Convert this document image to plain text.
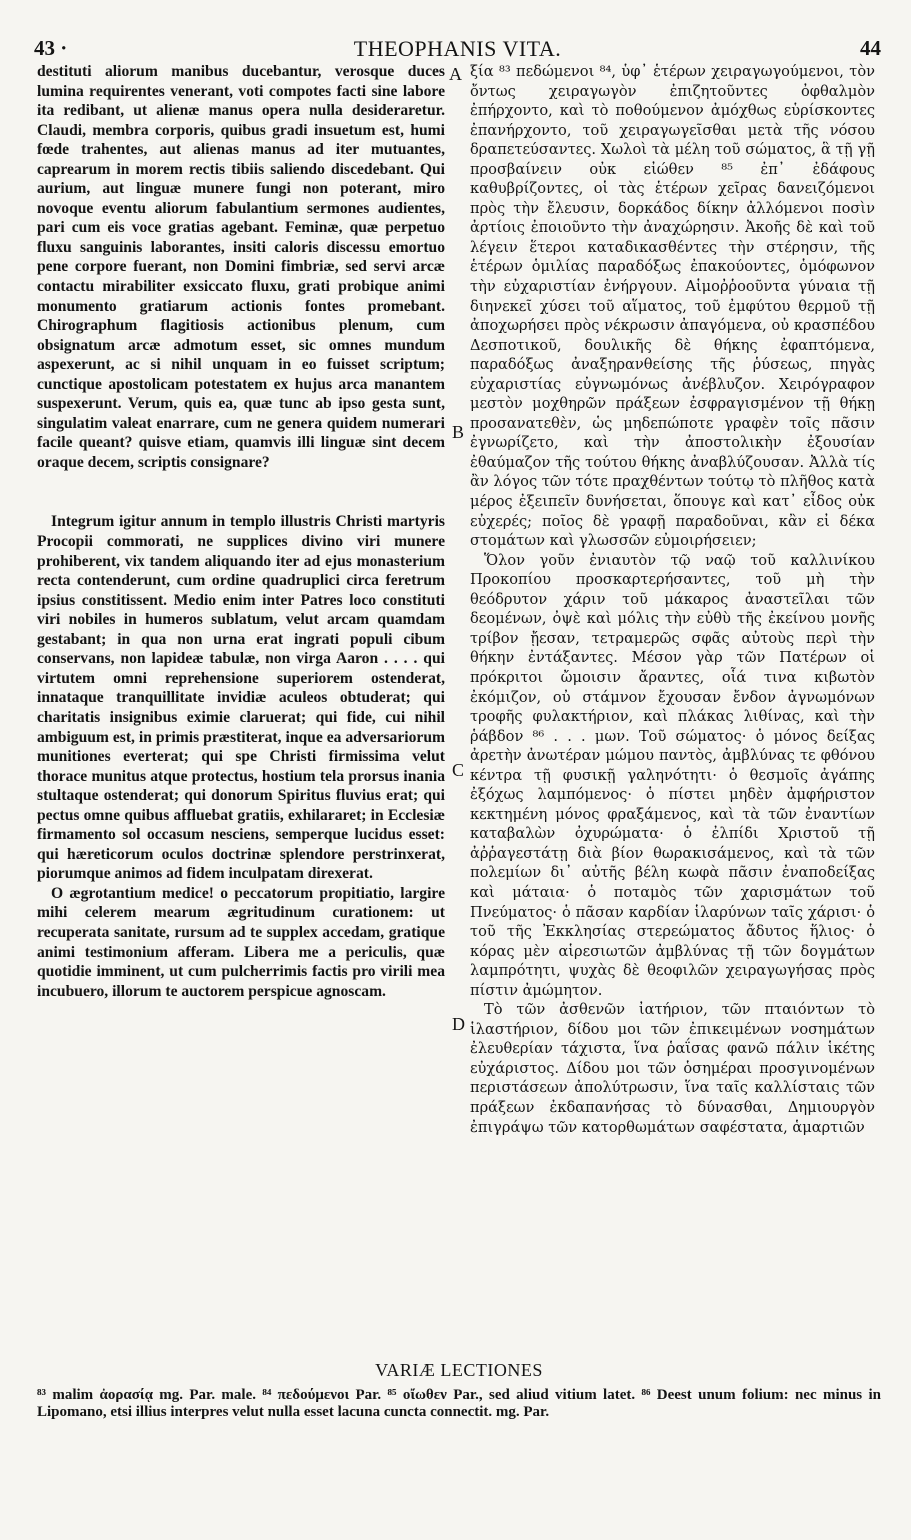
43 ·	THEOPHANIS VITA.	44

destituti aliorum manibus ducebantur, verosque duces lumina requirentes venerant, voti compotes facti sine labore ita redibant, ut alienæ manus opera nulla desideraretur. Claudi, membra corporis, quibus gradi insuetum est, humi fœde trahentes, aut alienas manus ad iter mutuantes, caprearum in morem rectis tibiis saliendo discedebant. Qui aurium, aut linguæ munere fungi non poterant, miro novoque eventu aliorum fabulantium sermones audientes, pari cum eis voce gratias agebant. Feminæ, quæ perpetuo fluxu sanguinis laborantes, insiti caloris discessu emortuo pene corpore fuerant, non Domini fimbriæ, sed servi arcæ contactu mirabiliter exsiccato fluxu, grati probique animi monumento gratiarum actionis fontes promebant. Chirographum flagitiosis actionibus plenum, cum obsignatum arcæ admotum esset, sic omnes mundum aspexerunt, ac si nihil unquam in eo fuisset scriptum; cunctique apostolicam potestatem ex hujus arca manantem suspexerunt. Verum, quis ea, quæ tunc ab ipso gesta sunt, singulatim valeat enarrare, cum ne genera quidem numerari facile queant? quisve etiam, quamvis illi linguæ sint decem oraque decem, scriptis consignare?

Integrum igitur annum in templo illustris Christi martyris Procopii commorati, ne supplices divino viri munere prohiberent, vix tandem aliquando iter ad ejus monasterium recta contenderunt, cum ordine quadruplici circa feretrum ipsius constitissent. Medio enim inter Patres loco constituti viri nobiles in humeros sublatum, velut arcam quamdam gestabant; in qua non urna erat ingrati populi cibum conservans, non lapideæ tabulæ, non virga Aaron . . . . qui virtutem omni reprehensione superiorem ostenderat, innataque tranquillitate invidiæ aculeos obtuderat; qui charitatis insignibus eximie claruerat; qui fide, cui nihil ambiguum est, in primis præstiterat, inque ea adversariorum munitiones everterat; qui spe Christi firmissima velut thorace munitus atque protectus, hostium tela prorsus inania stultaque ostenderat; qui donorum Spiritus fluvius erat; qui pectus omne quibus affluebat gratiis, exhilararet; in Ecclesiæ firmamento sol occasum nesciens, semperque lucidus esset: qui hæreticorum oculos doctrinæ splendore perstrinxerat, piorumque animos ad fidem inculpatam direxerat.

O ægrotantium medice! o peccatorum propitiatio, largire mihi celerem mearum ægritudinum curationem: ut recuperata sanitate, rursum ad te supplex accedam, gratique animi testimonium afferam. Libera me a periculis, quæ quotidie imminent, ut cum pulcherrimis factis pro virili mea incubuero, illorum te auctorem perspicue agnoscam.

A
B
C
D

ξία ⁸³ πεδώμενοι ⁸⁴, ὑφ᾽ ἑτέρων χειραγωγούμενοι, τὸν ὄντως χειραγωγὸν ἐπιζητοῦντες ὀφθαλμὸν ἐπήρχοντο, καὶ τὸ ποθούμενον ἀμόχθως εὑρίσκοντες ἐπανήρχοντο, τοῦ χειραγωγεῖσθαι μετὰ τῆς νόσου δραπετεύσαντες. Χωλοὶ τὰ μέλη τοῦ σώματος, ἃ τῇ γῇ προσβαίνειν οὐκ εἰώθεν ⁸⁵ ἐπ᾽ ἐδάφους καθυβρίζοντες, οἱ τὰς ἑτέρων χεῖρας δανειζόμενοι πρὸς τὴν ἔλευσιν, δορκάδος δίκην ἀλλόμενοι ποσὶν ἀρτίοις ἐποιοῦντο τὴν ἀναχώρησιν. Ἀκοῆς δὲ καὶ τοῦ λέγειν ἕτεροι καταδικασθέντες τὴν στέρησιν, τῆς ἑτέρων ὁμιλίας παραδόξως ἐπακούοντες, ὁμόφωνον τὴν εὐχαριστίαν ἐνήργουν. Αἱμοῤῥοοῦντα γύναια τῇ διηνεκεῖ χύσει τοῦ αἵματος, τοῦ ἐμφύτου θερμοῦ τῇ ἀποχωρήσει πρὸς νέκρωσιν ἀπαγόμενα, οὐ κρασπέδου Δεσποτικοῦ, δουλικῆς δὲ θήκης ἐφαπτόμενα, παραδόξως ἀναξηρανθείσης τῆς ῥύσεως, πηγὰς εὐχαριστίας εὐγνωμόνως ἀνέβλυζον. Χειρόγραφον μεστὸν μοχθηρῶν πράξεων ἐσφραγισμένον τῇ θήκῃ προσανατεθὲν, ὡς μηδεπώποτε γραφὲν τοῖς πᾶσιν ἐγνωρίζετο, καὶ τὴν ἀποστολικὴν ἐξουσίαν ἐθαύμαζον τῆς τούτου θήκης ἀναβλύζουσαν. Ἀλλὰ τίς ἂν λόγος τῶν τότε πραχθέντων τούτῳ τὸ πλῆθος κατὰ μέρος ἐξειπεῖν δυνήσεται, ὅπουγε καὶ κατ᾽ εἶδος οὐκ εὐχερές; ποῖος δὲ γραφῇ παραδοῦναι, κἂν εἰ δέκα στομάτων καὶ γλωσσῶν εὐμοιρήσειεν;

Ὅλον γοῦν ἐνιαυτὸν τῷ ναῷ τοῦ καλλινίκου Προκοπίου προσκαρτερήσαντες, τοῦ μὴ τὴν θεόδρυτον χάριν τοῦ μάκαρος ἀναστεῖλαι τῶν δεομένων, ὀψὲ καὶ μόλις τὴν εὐθὺ τῆς ἐκείνου μονῆς τρίβον ᾔεσαν, τετραμερῶς σφᾶς αὐτοὺς περὶ τὴν θήκην ἐντάξαντες. Μέσον γὰρ τῶν Πατέρων οἱ πρόκριτοι ὤμοισιν ἄραντες, οἷά τινα κιβωτὸν ἐκόμιζον, οὐ στάμνον ἔχουσαν ἔνδον ἀγνωμόνων τροφῆς φυλακτήριον, καὶ πλάκας λιθίνας, καὶ τὴν ῥάβδον ⁸⁶ . . . μων. Τοῦ σώματος· ὁ μόνος δείξας ἀρετὴν ἀνωτέραν μώμου παντὸς, ἀμβλύνας τε φθόνου κέντρα τῇ φυσικῇ γαληνότητι· ὁ θεσμοῖς ἀγάπης ἐξόχως λαμπόμενος· ὁ πίστει μηδὲν ἀμφήριστον κεκτημένη μόνος φραξάμενος, καὶ τὰ τῶν ἐναντίων καταβαλὼν ὀχυρώματα· ὁ ἐλπίδι Χριστοῦ τῇ ἀῤῥαγεστάτῃ διὰ βίον θωρακισάμενος, καὶ τὰ τῶν πολεμίων δι᾽ αὐτῆς βέλη κωφὰ πᾶσιν ἐναποδείξας καὶ μάταια· ὁ ποταμὸς τῶν χαρισμάτων τοῦ Πνεύματος· ὁ πᾶσαν καρδίαν ἱλαρύνων ταῖς χάρισι· ὁ τοῦ τῆς Ἐκκλησίας στερεώματος ἄδυτος ἥλιος· ὁ κόρας μὲν αἱρεσιωτῶν ἀμβλύνας τῇ τῶν δογμάτων λαμπρότητι, ψυχὰς δὲ θεοφιλῶν χειραγωγήσας πρὸς πίστιν ἀμώμητον.

Τὸ τῶν ἀσθενῶν ἰατήριον, τῶν πταιόντων τὸ ἱλαστήριον, δίδου μοι τῶν ἐπικειμένων νοσημάτων ἐλευθερίαν τάχιστα, ἵνα ῥαΐσας φανῶ πάλιν ἱκέτης εὐχάριστος. Δίδου μοι τῶν ὁσημέραι προσγινομένων περιστάσεων ἀπολύτρωσιν, ἵνα ταῖς καλλίσταις τῶν πράξεων ἐκδαπανήσας τὸ δύνασθαι, Δημιουργὸν ἐπιγράψω τῶν κατορθωμάτων σαφέστατα, ἁμαρτιῶν

VARIÆ LECTIONES

⁸³ malim ἀορασίᾳ mg. Par. male. ⁸⁴ πεδούμενοι Par. ⁸⁵ οἴωθεν Par., sed aliud vitium latet. ⁸⁶ Deest unum folium: nec minus in Lipomano, etsi illius interpres velut nulla esset lacuna cuncta connectit. mg. Par.
